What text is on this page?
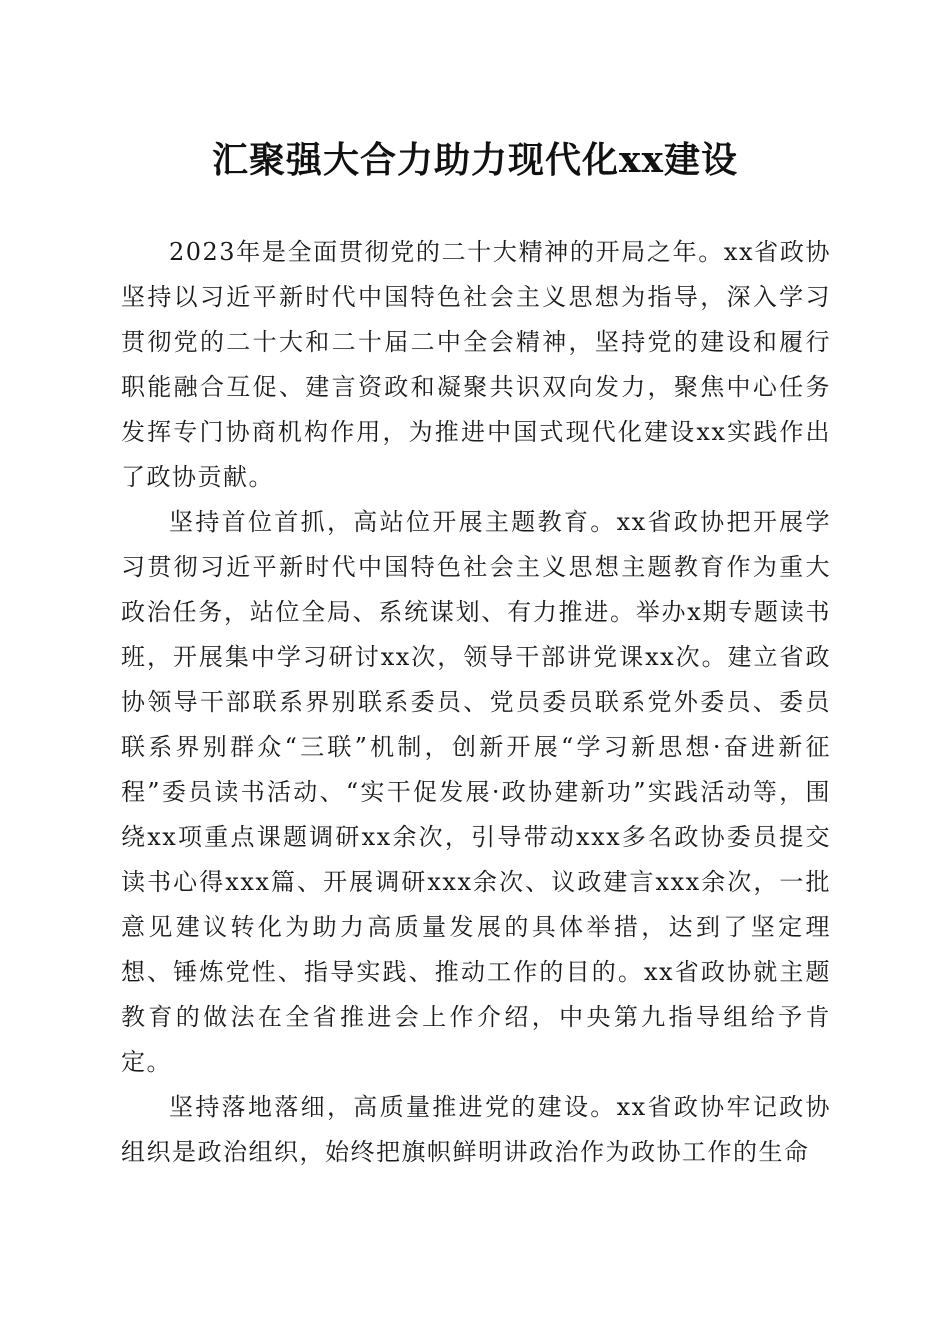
汇聚强大合力助力现代化xx建设

2023年是全面贯彻党的二十大精神的开局之年。xx省政协坚持以习近平新时代中国特色社会主义思想为指导，深入学习贯彻党的二十大和二十届二中全会精神，坚持党的建设和履行职能融合互促、建言资政和凝聚共识双向发力，聚焦中心任务发挥专门协商机构作用，为推进中国式现代化建设xx实践作出了政协贡献。

坚持首位首抓，高站位开展主题教育。xx省政协把开展学习贯彻习近平新时代中国特色社会主义思想主题教育作为重大政治任务，站位全局、系统谋划、有力推进。举办x期专题读书班，开展集中学习研讨xx次，领导干部讲党课xx次。建立省政协领导干部联系界别联系委员、党员委员联系党外委员、委员联系界别群众“三联”机制，创新开展“学习新思想·奋进新征程”委员读书活动、“实干促发展·政协建新功”实践活动等，围绕xx项重点课题调研xx余次，引导带动xxx多名政协委员提交读书心得xxx篇、开展调研xxx余次、议政建言xxx余次，一批意见建议转化为助力高质量发展的具体举措，达到了坚定理想、锤炼党性、指导实践、推动工作的目的。xx省政协就主题教育的做法在全省推进会上作介绍，中央第九指导组给予肯定。

坚持落地落细，高质量推进党的建设。xx省政协牢记政协组织是政治组织，始终把旗帜鲜明讲政治作为政协工作的生命
